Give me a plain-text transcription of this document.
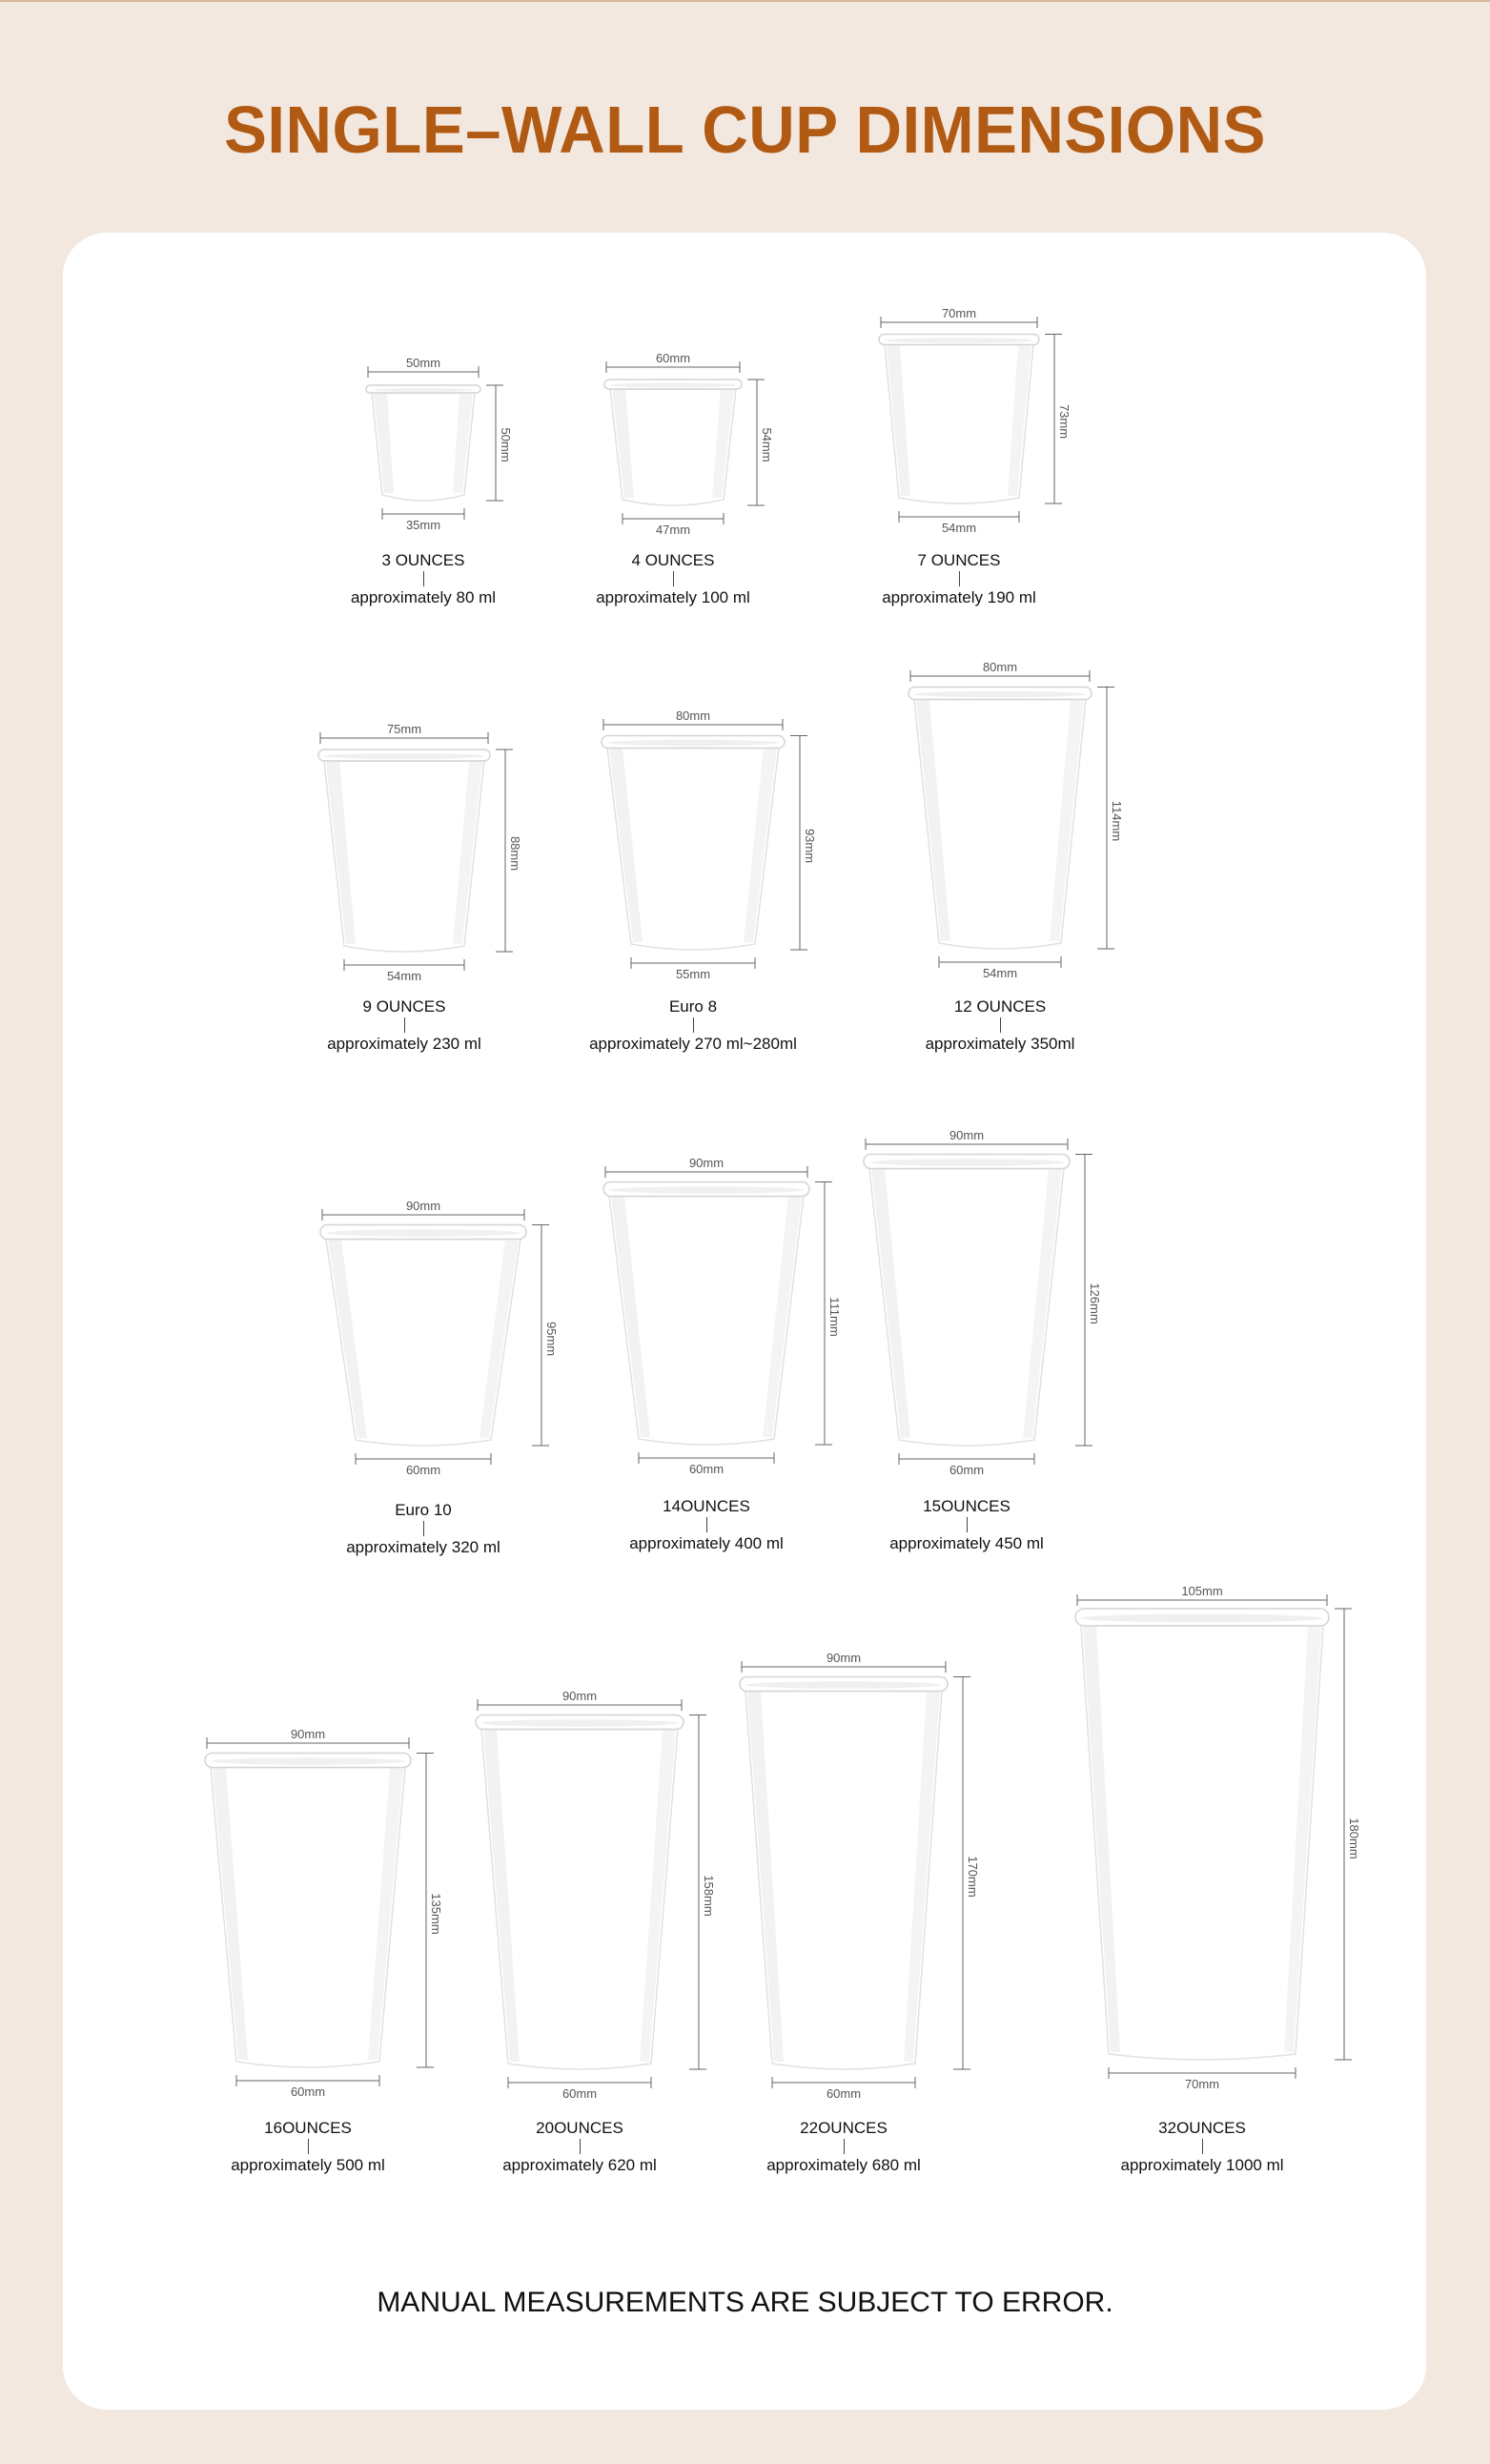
SINGLE–WALL CUP DIMENSIONS
50mm
35mm
50mm
3 OUNCES
approximately 80 ml
60mm
47mm
54mm
4 OUNCES
approximately 100 ml
70mm
54mm
73mm
7 OUNCES
approximately 190 ml
75mm
54mm
88mm
9 OUNCES
approximately 230 ml
80mm
55mm
93mm
Euro 8
approximately 270 ml~280ml
80mm
54mm
114mm
12 OUNCES
approximately 350ml
90mm
60mm
95mm
Euro 10
approximately 320 ml
90mm
60mm
111mm
14OUNCES
approximately 400 ml
90mm
60mm
126mm
15OUNCES
approximately 450 ml
90mm
60mm
135mm
16OUNCES
approximately 500 ml
90mm
60mm
158mm
20OUNCES
approximately 620 ml
90mm
60mm
170mm
22OUNCES
approximately 680 ml
105mm
70mm
180mm
32OUNCES
approximately 1000 ml
MANUAL MEASUREMENTS ARE SUBJECT TO ERROR.
